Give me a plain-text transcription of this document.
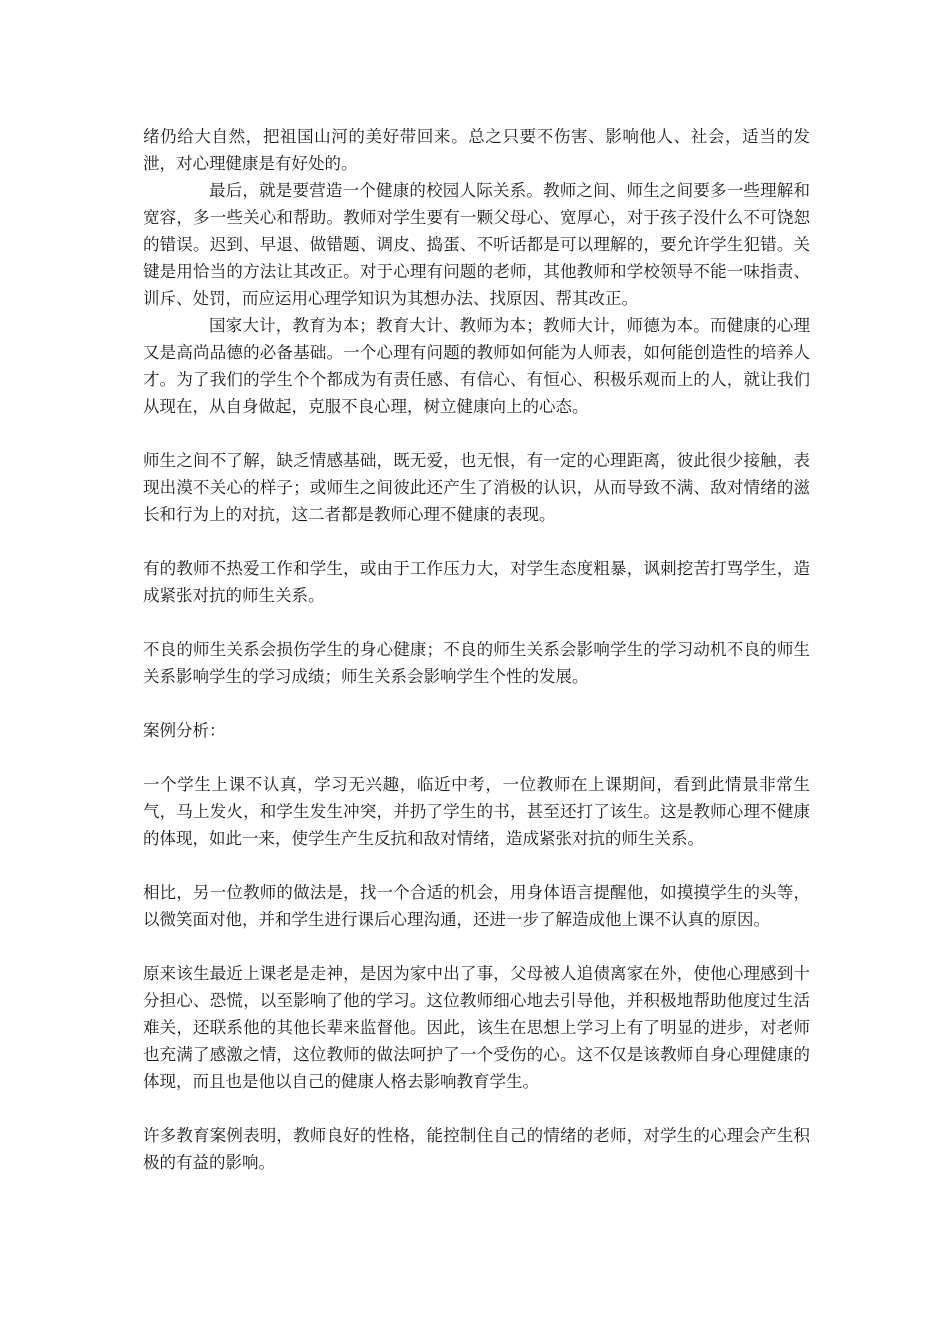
绪仍给大自然，把祖国山河的美好带回来。总之只要不伤害、影响他人、社会，适当的发泄，对心理健康是有好处的。

最后，就是要营造一个健康的校园人际关系。教师之间、师生之间要多一些理解和宽容，多一些关心和帮助。教师对学生要有一颗父母心、宽厚心，对于孩子没什么不可饶恕的错误。迟到、早退、做错题、调皮、捣蛋、不听话都是可以理解的，要允许学生犯错。关键是用恰当的方法让其改正。对于心理有问题的老师，其他教师和学校领导不能一味指责、训斥、处罚，而应运用心理学知识为其想办法、找原因、帮其改正。

国家大计，教育为本；教育大计、教师为本；教师大计，师德为本。而健康的心理又是高尚品德的必备基础。一个心理有问题的教师如何能为人师表，如何能创造性的培养人才。为了我们的学生个个都成为有责任感、有信心、有恒心、积极乐观而上的人，就让我们从现在，从自身做起，克服不良心理，树立健康向上的心态。

师生之间不了解，缺乏情感基础，既无爱，也无恨，有一定的心理距离，彼此很少接触，表现出漠不关心的样子；或师生之间彼此还产生了消极的认识，从而导致不满、敌对情绪的滋长和行为上的对抗，这二者都是教师心理不健康的表现。

有的教师不热爱工作和学生，或由于工作压力大，对学生态度粗暴，讽刺挖苦打骂学生，造成紧张对抗的师生关系。

不良的师生关系会损伤学生的身心健康；不良的师生关系会影响学生的学习动机不良的师生关系影响学生的学习成绩；师生关系会影响学生个性的发展。

案例分析：

一个学生上课不认真，学习无兴趣，临近中考，一位教师在上课期间，看到此情景非常生气，马上发火，和学生发生冲突，并扔了学生的书，甚至还打了该生。这是教师心理不健康的体现，如此一来，使学生产生反抗和敌对情绪，造成紧张对抗的师生关系。

相比，另一位教师的做法是，找一个合适的机会，用身体语言提醒他，如摸摸学生的头等，以微笑面对他，并和学生进行课后心理沟通，还进一步了解造成他上课不认真的原因。

原来该生最近上课老是走神，是因为家中出了事，父母被人追债离家在外，使他心理感到十分担心、恐慌，以至影响了他的学习。这位教师细心地去引导他，并积极地帮助他度过生活难关，还联系他的其他长辈来监督他。因此，该生在思想上学习上有了明显的进步，对老师也充满了感激之情，这位教师的做法呵护了一个受伤的心。这不仅是该教师自身心理健康的体现，而且也是他以自己的健康人格去影响教育学生。

许多教育案例表明，教师良好的性格，能控制住自己的情绪的老师，对学生的心理会产生积极的有益的影响。
